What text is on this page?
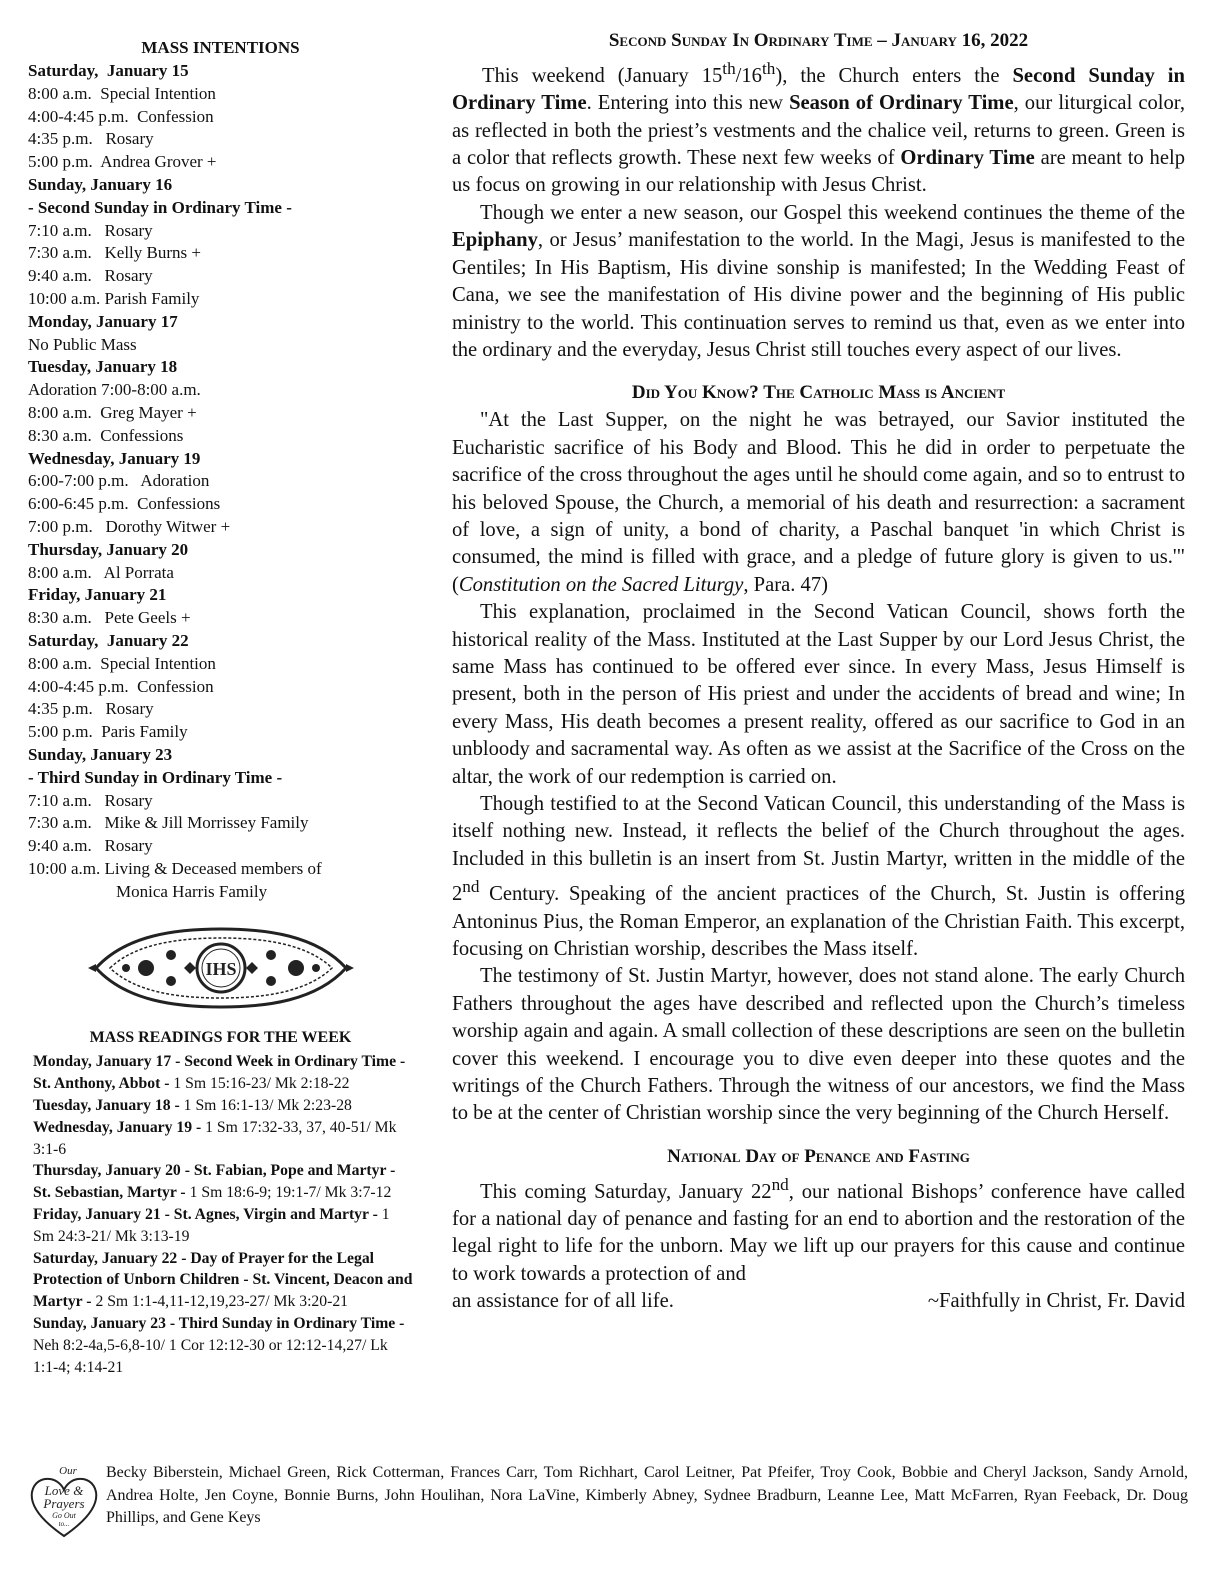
MASS INTENTIONS
Saturday,  January 15
8:00 a.m.  Special Intention
4:00-4:45 p.m.  Confession
4:35 p.m.   Rosary
5:00 p.m.  Andrea Grover +
Sunday, January 16
- Second Sunday in Ordinary Time -
7:10 a.m.   Rosary
7:30 a.m.   Kelly Burns +
9:40 a.m.   Rosary
10:00 a.m. Parish Family
Monday, January 17
No Public Mass
Tuesday, January 18
Adoration 7:00-8:00 a.m.
8:00 a.m.  Greg Mayer +
8:30 a.m.  Confessions
Wednesday, January 19
6:00-7:00 p.m.   Adoration
6:00-6:45 p.m.  Confessions
7:00 p.m.   Dorothy Witwer +
Thursday, January 20
8:00 a.m.   Al Porrata
Friday, January 21
8:30 a.m.   Pete Geels +
Saturday,  January 22
8:00 a.m.  Special Intention
4:00-4:45 p.m.  Confession
4:35 p.m.   Rosary
5:00 p.m.  Paris Family
Sunday, January 23
- Third Sunday in Ordinary Time -
7:10 a.m.   Rosary
7:30 a.m.   Mike & Jill Morrissey Family
9:40 a.m.   Rosary
10:00 a.m. Living & Deceased members of
Monica Harris Family
IHS
MASS READINGS FOR THE WEEK
Monday, January 17 - Second Week in Ordinary Time - St. Anthony, Abbot - 1 Sm 15:16-23/ Mk 2:18-22
Tuesday, January 18 - 1 Sm 16:1-13/ Mk 2:23-28
Wednesday, January 19 - 1 Sm 17:32-33, 37, 40-51/ Mk 3:1-6
Thursday, January 20 - St. Fabian, Pope and Martyr - St. Sebastian, Martyr - 1 Sm 18:6-9; 19:1-7/ Mk 3:7-12
Friday, January 21 - St. Agnes, Virgin and Martyr - 1 Sm 24:3-21/ Mk 3:13-19
Saturday, January 22 - Day of Prayer for the Legal Protection of Unborn Children - St. Vincent, Deacon and Martyr - 2 Sm 1:1-4,11-12,19,23-27/ Mk 3:20-21
Sunday, January 23 - Third Sunday in Ordinary Time - Neh 8:2-4a,5-6,8-10/ 1 Cor 12:12-30 or 12:12-14,27/ Lk 1:1-4; 4:14-21
Second Sunday In Ordinary Time – January 16, 2022

This weekend (January 15th/16th), the Church enters the Second Sunday in Ordinary Time. Entering into this new Season of Ordinary Time, our liturgical color, as reflected in both the priest’s vestments and the chalice veil, returns to green. Green is a color that reflects growth. These next few weeks of Ordinary Time are meant to help us focus on growing in our relationship with Jesus Christ.

Though we enter a new season, our Gospel this weekend continues the theme of the Epiphany, or Jesus’ manifestation to the world. In the Magi, Jesus is manifested to the Gentiles; In His Baptism, His divine sonship is manifested; In the Wedding Feast of Cana, we see the manifestation of His divine power and the beginning of His public ministry to the world. This continuation serves to remind us that, even as we enter into the ordinary and the everyday, Jesus Christ still touches every aspect of our lives.

Did You Know? The Catholic Mass is Ancient

"At the Last Supper, on the night he was betrayed, our Savior instituted the Eucharistic sacrifice of his Body and Blood. This he did in order to perpetuate the sacrifice of the cross throughout the ages until he should come again, and so to entrust to his beloved Spouse, the Church, a memorial of his death and resurrection: a sacrament of love, a sign of unity, a bond of charity, a Paschal banquet 'in which Christ is consumed, the mind is filled with grace, and a pledge of future glory is given to us.'" (Constitution on the Sacred Liturgy, Para. 47)

This explanation, proclaimed in the Second Vatican Council, shows forth the historical reality of the Mass. Instituted at the Last Supper by our Lord Jesus Christ, the same Mass has continued to be offered ever since. In every Mass, Jesus Himself is present, both in the person of His priest and under the accidents of bread and wine; In every Mass, His death becomes a present reality, offered as our sacrifice to God in an unbloody and sacramental way. As often as we assist at the Sacrifice of the Cross on the altar, the work of our redemption is carried on.

Though testified to at the Second Vatican Council, this understanding of the Mass is itself nothing new. Instead, it reflects the belief of the Church throughout the ages. Included in this bulletin is an insert from St. Justin Martyr, written in the middle of the 2nd Century. Speaking of the ancient practices of the Church, St. Justin is offering Antoninus Pius, the Roman Emperor, an explanation of the Christian Faith. This excerpt, focusing on Christian worship, describes the Mass itself.

The testimony of St. Justin Martyr, however, does not stand alone. The early Church Fathers throughout the ages have described and reflected upon the Church’s timeless worship again and again. A small collection of these descriptions are seen on the bulletin cover this weekend. I encourage you to dive even deeper into these quotes and the writings of the Church Fathers. Through the witness of our ancestors, we find the Mass to be at the center of Christian worship since the very beginning of the Church Herself.

National Day of Penance and Fasting

This coming Saturday, January 22nd, our national Bishops’ conference have called for a national day of penance and fasting for an end to abortion and the restoration of the legal right to life for the unborn. May we lift up our prayers for this cause and continue to work towards a protection of and

an assistance for of all life.	~Faithfully in Christ, Fr. David
Our
Love &
Prayers
Go Out
to...
Becky Biberstein, Michael Green, Rick Cotterman, Frances Carr, Tom Richhart, Carol Leitner, Pat Pfeifer, Troy Cook, Bobbie and Cheryl Jackson, Sandy Arnold, Andrea Holte, Jen Coyne, Bonnie Burns, John Houlihan, Nora LaVine, Kimberly Abney, Sydnee Bradburn, Leanne Lee, Matt McFarren, Ryan Feeback, Dr. Doug Phillips, and Gene Keys
